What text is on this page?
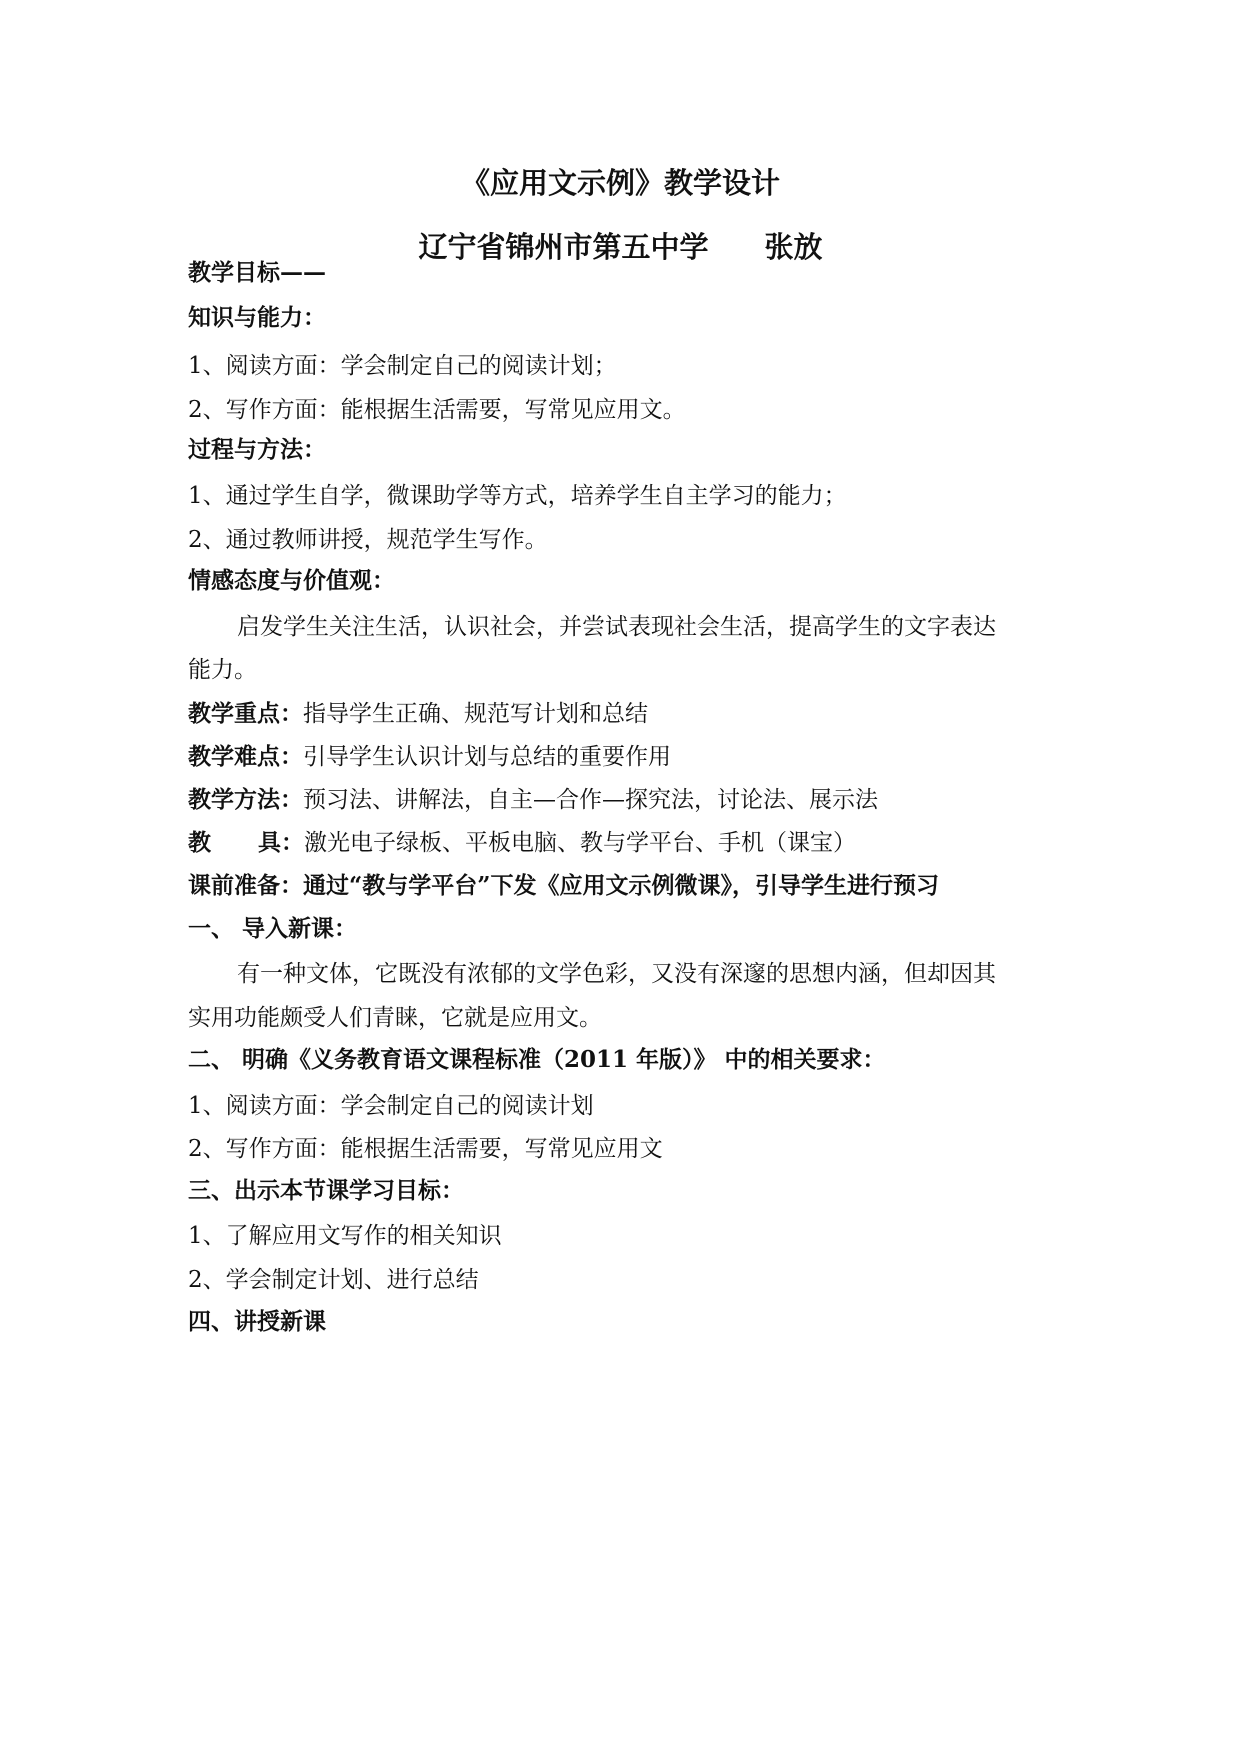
《应用文示例》教学设计
辽宁省锦州市第五中学 张放
教学目标——
知识与能力：
1、阅读方面：学会制定自己的阅读计划；
2、写作方面：能根据生活需要，写常见应用文。
过程与方法：
1、通过学生自学，微课助学等方式，培养学生自主学习的能力；
2、通过教师讲授，规范学生写作。
情感态度与价值观：
启发学生关注生活，认识社会，并尝试表现社会生活，提高学生的文字表达
能力。
教学重点：指导学生正确、规范写计划和总结
教学难点：引导学生认识计划与总结的重要作用
教学方法：预习法、讲解法，自主—合作—探究法，讨论法、展示法
教 具： 激光电子绿板、平板电脑、教与学平台、手机（课宝）
课前准备：通过“教与学平台”下发《应用文示例微课》，引导学生进行预习
一、 导入新课：
有一种文体，它既没有浓郁的文学色彩，又没有深邃的思想内涵，但却因其
实用功能颇受人们青睐，它就是应用文。
二、 明确《义务教育语文课程标准（2011 年版）》 中的相关要求：
1、阅读方面：学会制定自己的阅读计划
2、写作方面：能根据生活需要，写常见应用文
三、出示本节课学习目标：
1、了解应用文写作的相关知识
2、学会制定计划、进行总结
四、讲授新课
